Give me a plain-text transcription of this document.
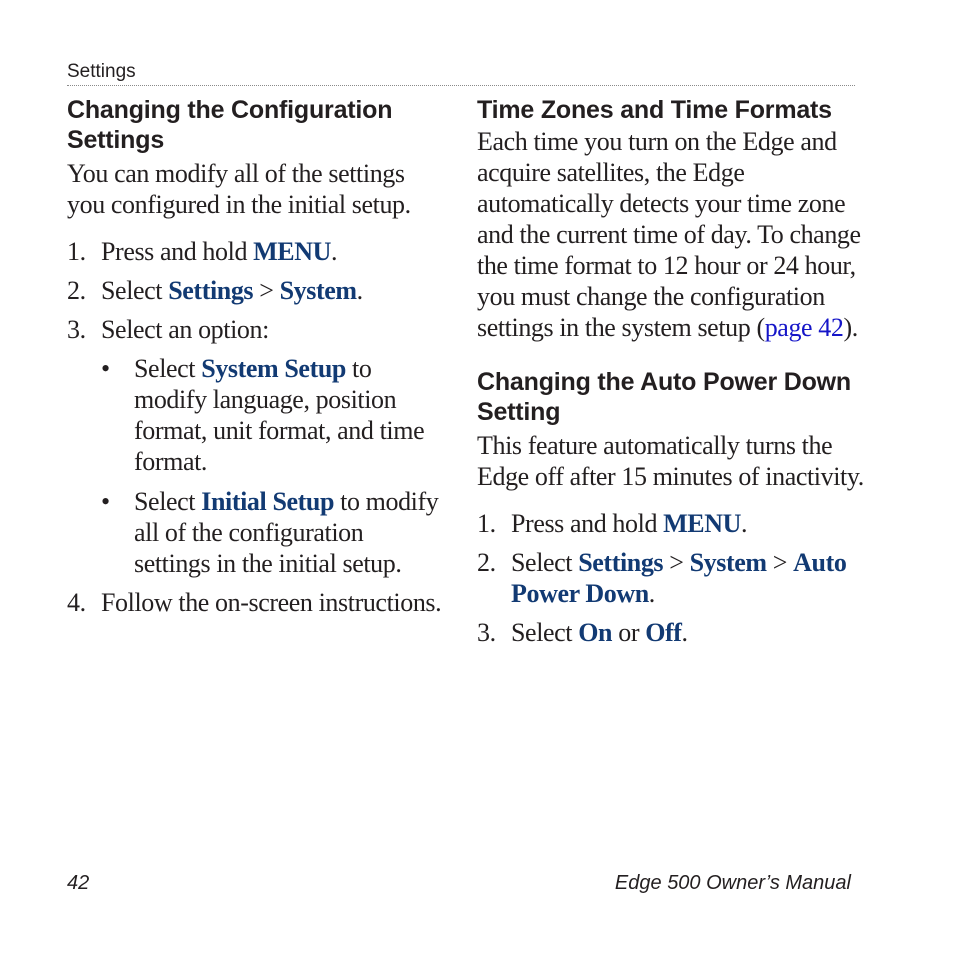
Settings
Changing the Configuration Settings

You can modify all of the settings you configured in the initial setup.

1. Press and hold MENU.
2. Select Settings > System.
3. Select an option:
• Select System Setup to modify language, position format, unit format, and time format.
• Select Initial Setup to modify all of the configuration settings in the initial setup.
4. Follow the on-screen instructions.
Time Zones and Time Formats

Each time you turn on the Edge and acquire satellites, the Edge automatically detects your time zone and the current time of day. To change the time format to 12 hour or 24 hour, you must change the configuration settings in the system setup (page 42).

Changing the Auto Power Down Setting

This feature automatically turns the Edge off after 15 minutes of inactivity.

1. Press and hold MENU.
2. Select Settings > System > Auto Power Down.
3. Select On or Off.
42	Edge 500 Owner’s Manual
